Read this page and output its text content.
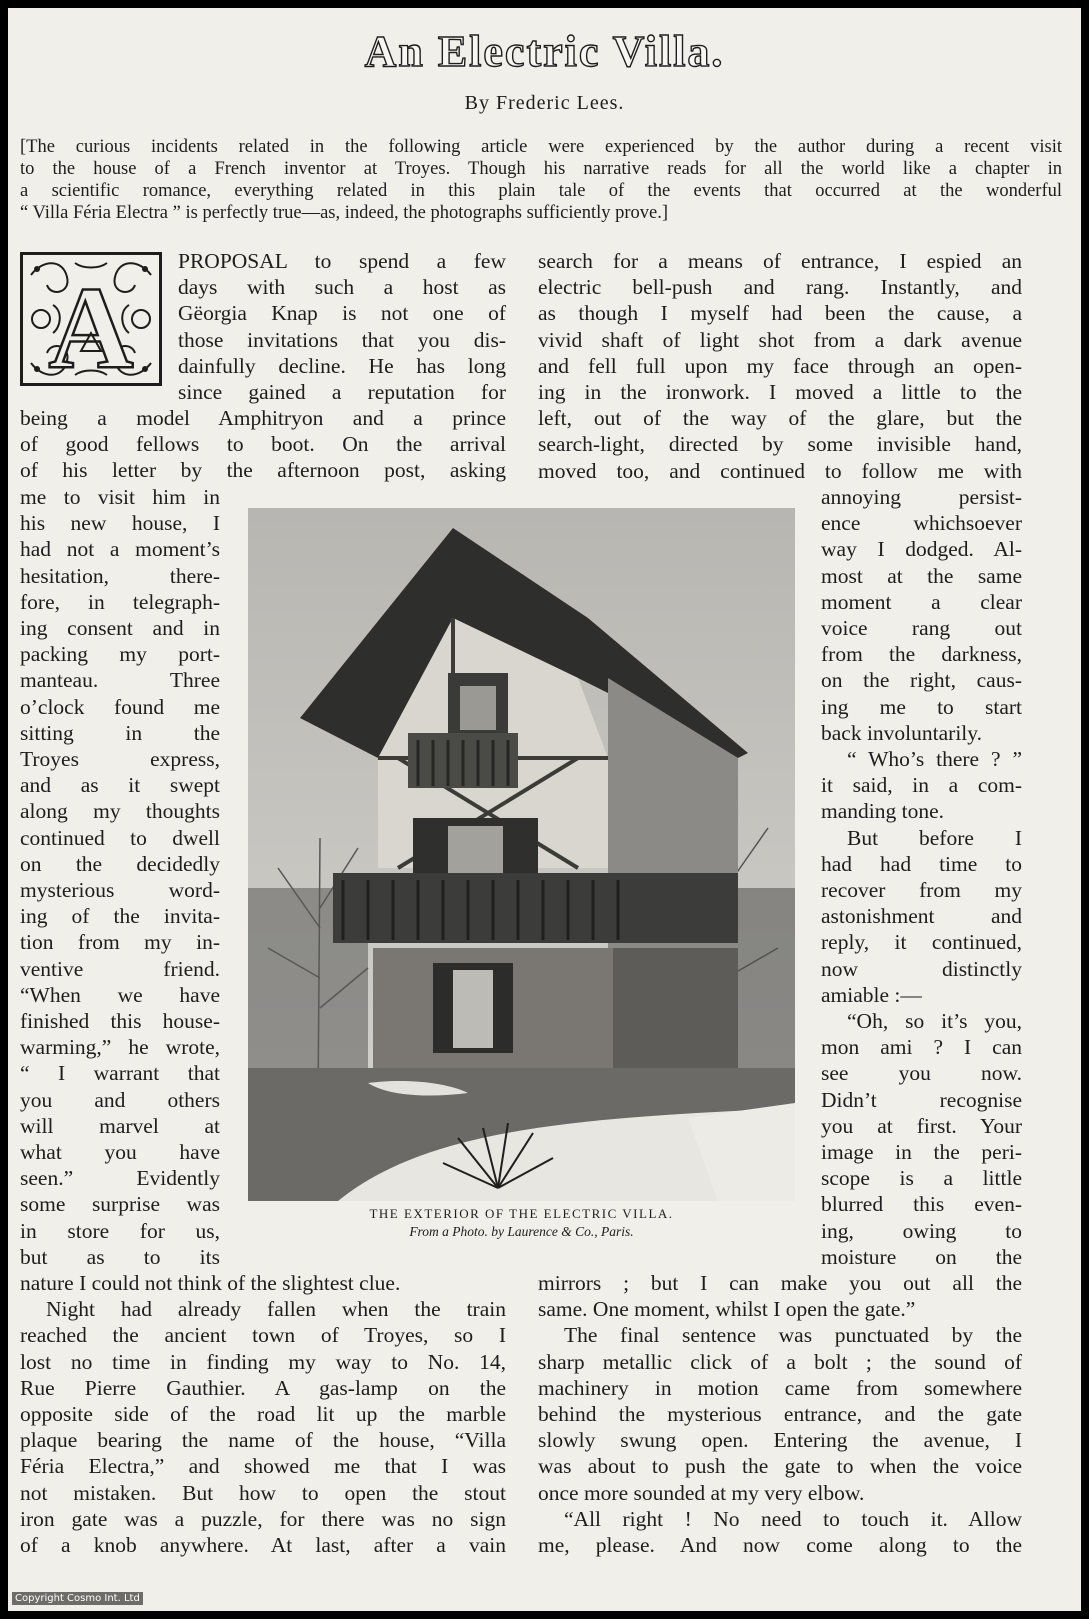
An Electric Villa.
By Frederic Lees.
[The curious incidents related in the following article were experienced by the author during a recent visit
to the house of a French inventor at Troyes. Though his narrative reads for all the world like a chapter in
a scientific romance, everything related in this plain tale of the events that occurred at the wonderful
“ Villa Féria Electra ” is perfectly true—as, indeed, the photographs sufficiently prove.]
A
PROPOSAL to spend a few
days with such a host as
Gëorgia Knap is not one of
those invitations that you dis-
dainfully decline. He has long
since gained a reputation for
being a model Amphitryon and a prince
of good fellows to boot. On the arrival
of his letter by the afternoon post, asking
me to visit him in
his new house, I
had not a moment’s
hesitation, there-
fore, in telegraph-
ing consent and in
packing my port-
manteau. Three
o’clock found me
sitting in the
Troyes express,
and as it swept
along my thoughts
continued to dwell
on the decidedly
mysterious word-
ing of the invita-
tion from my in-
ventive friend.
“When we have
finished this house-
warming,” he wrote,
“ I warrant that
you and others
will marvel at
what you have
seen.” Evidently
some surprise was
in store for us,
but as to its
nature I could not think of the slightest clue.
Night had already fallen when the train
reached the ancient town of Troyes, so I
lost no time in finding my way to No. 14,
Rue Pierre Gauthier. A gas-lamp on the
opposite side of the road lit up the marble
plaque bearing the name of the house, “Villa
Féria Electra,” and showed me that I was
not mistaken. But how to open the stout
iron gate was a puzzle, for there was no sign
of a knob anywhere. At last, after a vain
search for a means of entrance, I espied an
electric bell-push and rang. Instantly, and
as though I myself had been the cause, a
vivid shaft of light shot from a dark avenue
and fell full upon my face through an open-
ing in the ironwork. I moved a little to the
left, out of the way of the glare, but the
search-light, directed by some invisible hand,
moved too, and continued to follow me with
annoying persist-
ence whichsoever
way I dodged. Al-
most at the same
moment a clear
voice rang out
from the darkness,
on the right, caus-
ing me to start
back involuntarily.
“ Who’s there ? ”
it said, in a com-
manding tone.
But before I
had had time to
recover from my
astonishment and
reply, it continued,
now distinctly
amiable :—
“Oh, so it’s you,
mon ami ? I can
see you now.
Didn’t recognise
you at first. Your
image in the peri-
scope is a little
blurred this even-
ing, owing to
moisture on the
mirrors ; but I can make you out all the
same. One moment, whilst I open the gate.”
The final sentence was punctuated by the
sharp metallic click of a bolt ; the sound of
machinery in motion came from somewhere
behind the mysterious entrance, and the gate
slowly swung open. Entering the avenue, I
was about to push the gate to when the voice
once more sounded at my very elbow.
“All right ! No need to touch it. Allow
me, please. And now come along to the
THE EXTERIOR OF THE ELECTRIC VILLA.
From a Photo. by Laurence & Co., Paris.
Copyright Cosmo Int. Ltd
